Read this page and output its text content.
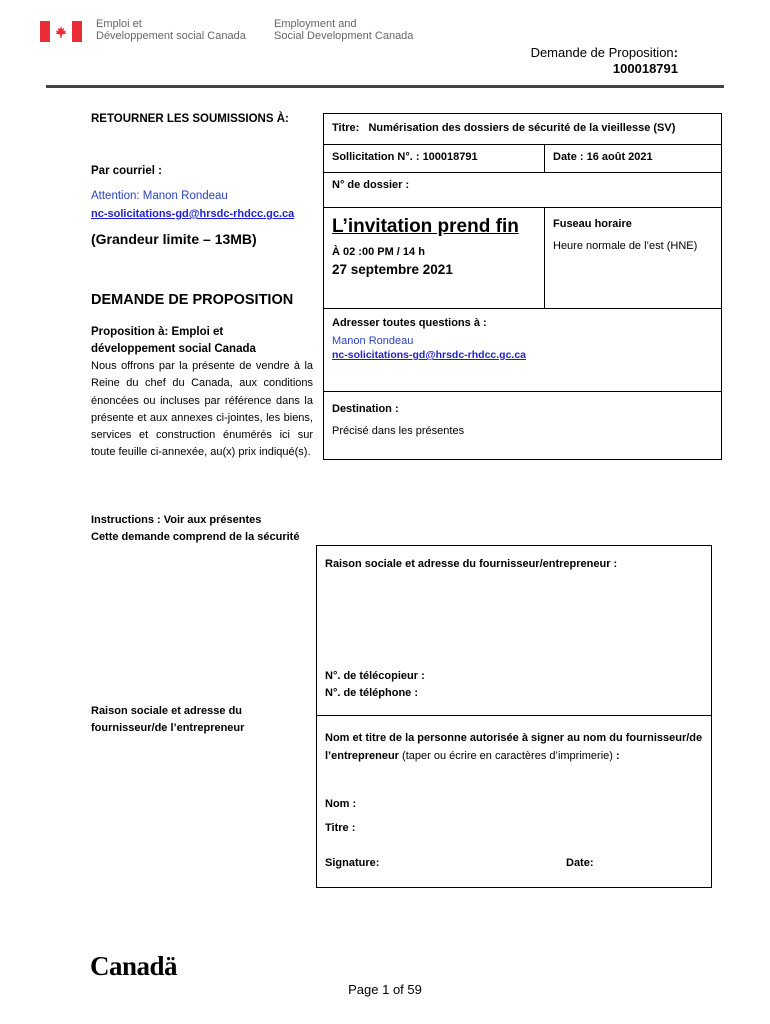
Emploi et
Développement social Canada
Employment and
Social Development Canada
Demande de Proposition:
100018791
RETOURNER LES SOUMISSIONS À:
Par courriel :
Attention: Manon Rondeau
nc-solicitations-gd@hrsdc-rhdcc.gc.ca
(Grandeur limite – 13MB)
DEMANDE DE PROPOSITION
Proposition à: Emploi et
développement social Canada
Nous offrons par la présente de vendre à la Reine du chef du Canada, aux conditions énoncées ou incluses par référence dans la présente et aux annexes ci-jointes, les biens, services et construction énumérés ici sur toute feuille ci-annexée, au(x) prix indiqué(s).
Instructions : Voir aux présentes
Cette demande comprend de la sécurité
Raison sociale et adresse du
fournisseur/de l’entrepreneur
Titre: Numérisation des dossiers de sécurité de la vieillesse (SV)
Sollicitation N°. : 100018791	Date : 16 août 2021
N° de dossier :
L’invitation prend fin
À 02 :00 PM / 14 h
27 septembre 2021
Fuseau horaire
Heure normale de l’est (HNE)
Adresser toutes questions à :
Manon Rondeau
nc-solicitations-gd@hrsdc-rhdcc.gc.ca
Destination :
Précisé dans les présentes
Raison sociale et adresse du fournisseur/entrepreneur :
N°. de télécopieur :
N°. de téléphone :
Nom et titre de la personne autorisée à signer au nom du fournisseur/de l’entrepreneur (taper ou écrire en caractères d’imprimerie) :
Nom :
Titre :
Signature:	Date:
Canadä
Page 1 of 59
